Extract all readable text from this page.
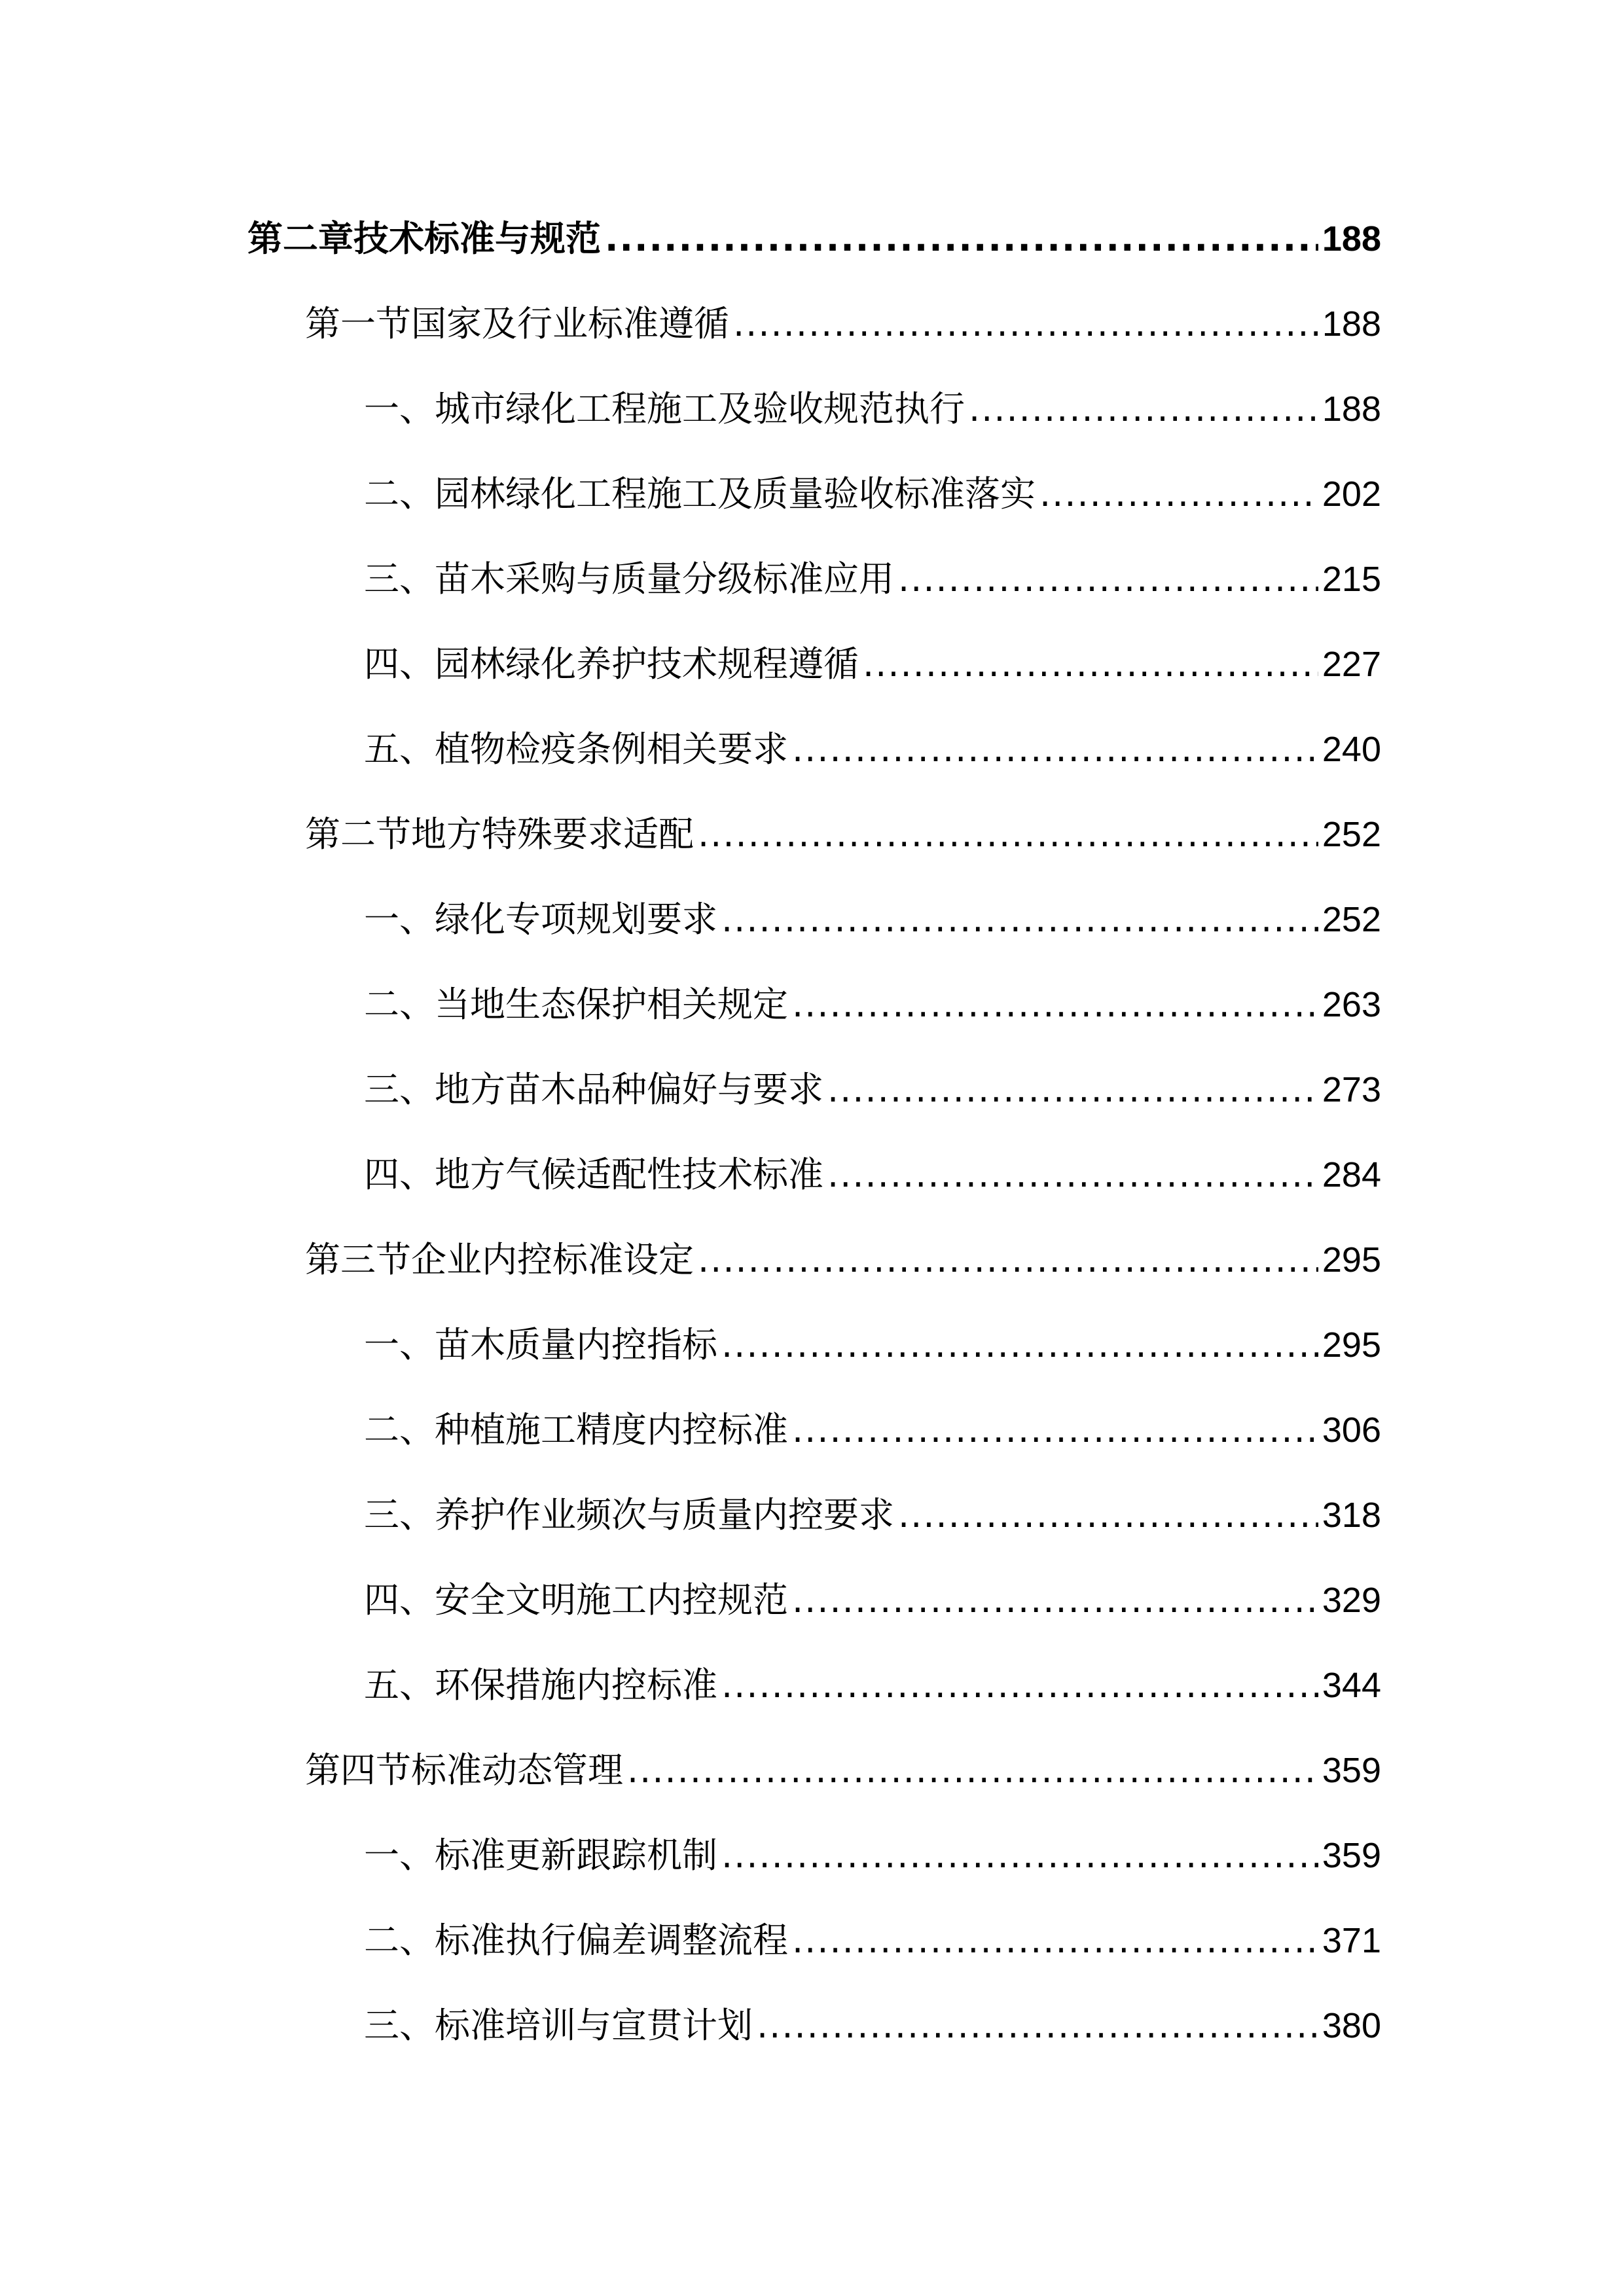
第二章技术标准与规范 .....	188
第一节国家及行业标准遵循 .....	188
一、城市绿化工程施工及验收规范执行 .....	188
二、园林绿化工程施工及质量验收标准落实 .....	202
三、苗木采购与质量分级标准应用 .....	215
四、园林绿化养护技术规程遵循 .....	227
五、植物检疫条例相关要求 .....	240
第二节地方特殊要求适配 .....	252
一、绿化专项规划要求 .....	252
二、当地生态保护相关规定 .....	263
三、地方苗木品种偏好与要求 .....	273
四、地方气候适配性技术标准 .....	284
第三节企业内控标准设定 .....	295
一、苗木质量内控指标 .....	295
二、种植施工精度内控标准 .....	306
三、养护作业频次与质量内控要求 .....	318
四、安全文明施工内控规范 .....	329
五、环保措施内控标准 .....	344
第四节标准动态管理 .....	359
一、标准更新跟踪机制 .....	359
二、标准执行偏差调整流程 .....	371
三、标准培训与宣贯计划 .....	380
